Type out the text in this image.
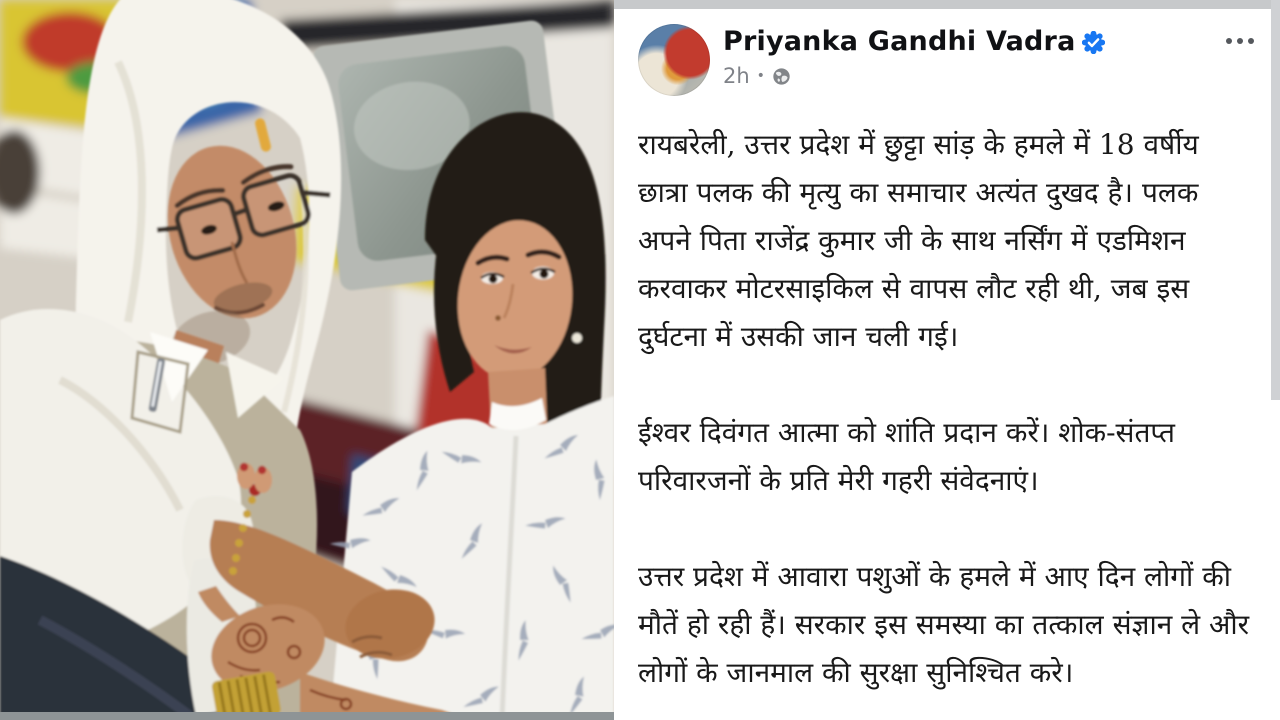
Priyanka Gandhi Vadra
2h •

रायबरेली, उत्तर प्रदेश में छुट्टा सांड़ के हमले में 18 वर्षीय छात्रा पलक की मृत्यु का समाचार अत्यंत दुखद है। पलक अपने पिता राजेंद्र कुमार जी के साथ नर्सिंग में एडमिशन करवाकर मोटरसाइकिल से वापस लौट रही थी, जब इस दुर्घटना में उसकी जान चली गई।

ईश्वर दिवंगत आत्मा को शांति प्रदान करें। शोक-संतप्त परिवारजनों के प्रति मेरी गहरी संवेदनाएं।

उत्तर प्रदेश में आवारा पशुओं के हमले में आए दिन लोगों की मौतें हो रही हैं। सरकार इस समस्या का तत्काल संज्ञान ले और लोगों के जानमाल की सुरक्षा सुनिश्चित करे।
